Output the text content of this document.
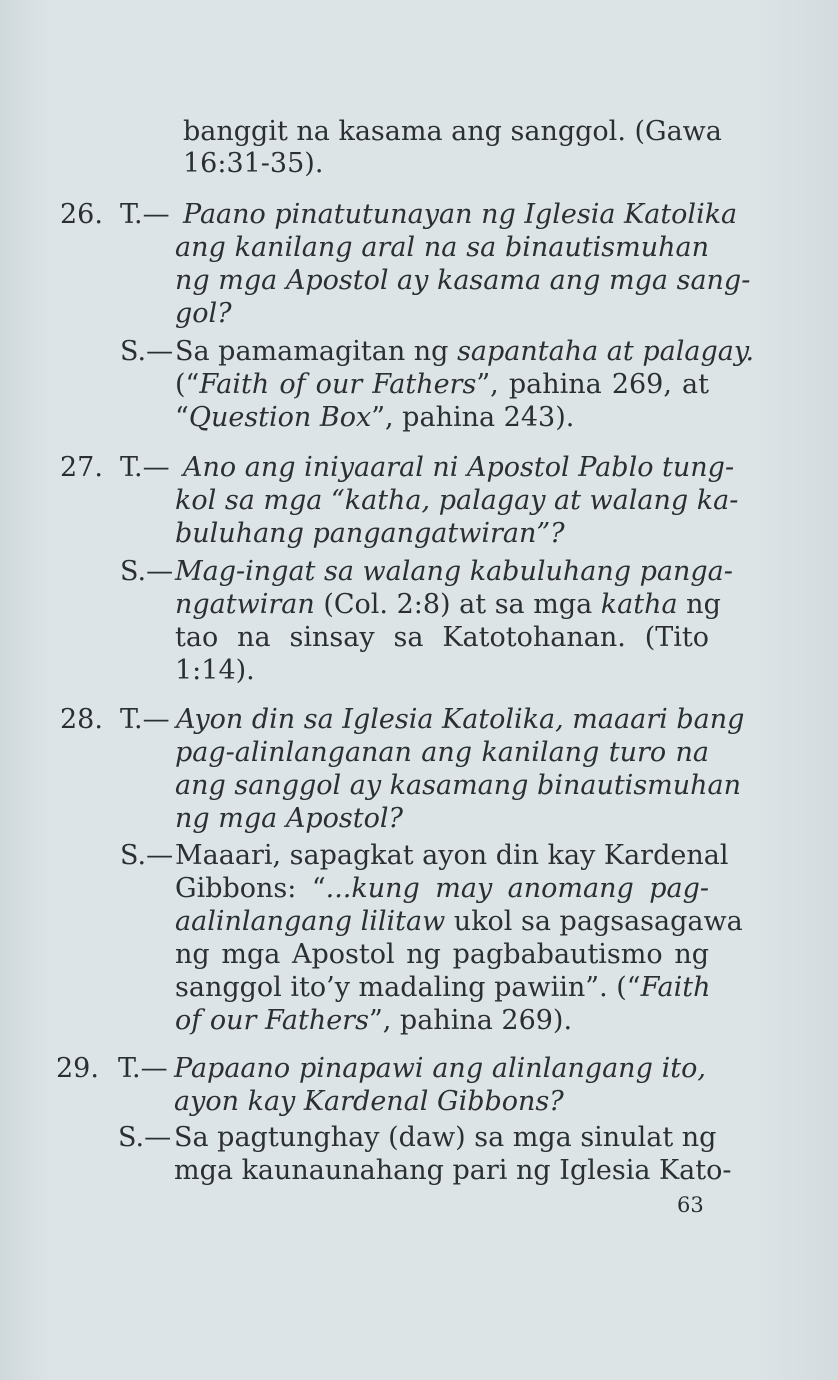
banggit na kasama ang sanggol. (Gawa
16:31-35).
26. T.— Paano pinatutunayan ng Iglesia Katolika
ang kanilang aral na sa binautismuhan
ng mga Apostol ay kasama ang mga sang-
gol?
S.— Sa pamamagitan ng sapantaha at palagay.
(“Faith of our Fathers”, pahina 269, at
“Question Box”, pahina 243).
27. T.— Ano ang iniyaaral ni Apostol Pablo tung-
kol sa mga “katha, palagay at walang ka-
buluhang pangangatwiran”?
S.— Mag-ingat sa walang kabuluhang panga-
ngatwiran (Col. 2:8) at sa mga katha ng
tao na sinsay sa Katotohanan. (Tito
1:14).
28. T.— Ayon din sa Iglesia Katolika, maaari bang
pag-alinlanganan ang kanilang turo na
ang sanggol ay kasamang binautismuhan
ng mga Apostol?
S.— Maaari, sapagkat ayon din kay Kardenal
Gibbons: “...kung may anomang pag-
aalinlangang lilitaw ukol sa pagsasagawa
ng mga Apostol ng pagbabautismo ng
sanggol ito’y madaling pawiin”. (“Faith
of our Fathers”, pahina 269).
29. T.— Papaano pinapawi ang alinlangang ito,
ayon kay Kardenal Gibbons?
S.— Sa pagtunghay (daw) sa mga sinulat ng
mga kaunaunahang pari ng Iglesia Kato-
63
